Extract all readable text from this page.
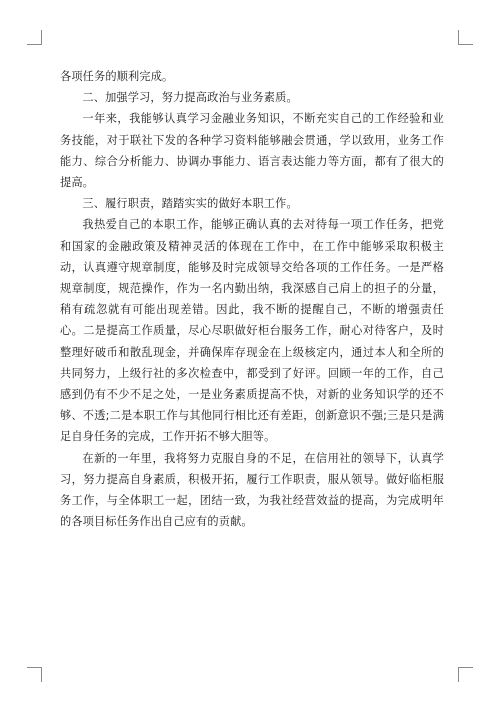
各项任务的顺利完成。

二、加强学习，努力提高政治与业务素质。

一年来，我能够认真学习金融业务知识，不断充实自己的工作经验和业务技能，对于联社下发的各种学习资料能够融会贯通，学以致用，业务工作能力、综合分析能力、协调办事能力、语言表达能力等方面，都有了很大的提高。

三、履行职责，踏踏实实的做好本职工作。

我热爱自己的本职工作，能够正确认真的去对待每一项工作任务，把党和国家的金融政策及精神灵活的体现在工作中，在工作中能够采取积极主动，认真遵守规章制度，能够及时完成领导交给各项的工作任务。一是严格规章制度，规范操作，作为一名内勤出纳，我深感自己肩上的担子的分量，稍有疏忽就有可能出现差错。因此，我不断的提醒自己，不断的增强责任心。二是提高工作质量，尽心尽职做好柜台服务工作，耐心对待客户，及时整理好破币和散乱现金，并确保库存现金在上级核定内，通过本人和全所的共同努力，上级行社的多次检查中，都受到了好评。回顾一年的工作，自己感到仍有不少不足之处，一是业务素质提高不快，对新的业务知识学的还不够、不透;二是本职工作与其他同行相比还有差距，创新意识不强;三是只是满足自身任务的完成，工作开拓不够大胆等。

在新的一年里，我将努力克服自身的不足，在信用社的领导下，认真学习，努力提高自身素质，积极开拓，履行工作职责，服从领导。做好临柜服务工作，与全体职工一起，团结一致，为我社经营效益的提高，为完成明年的各项目标任务作出自己应有的贡献。
